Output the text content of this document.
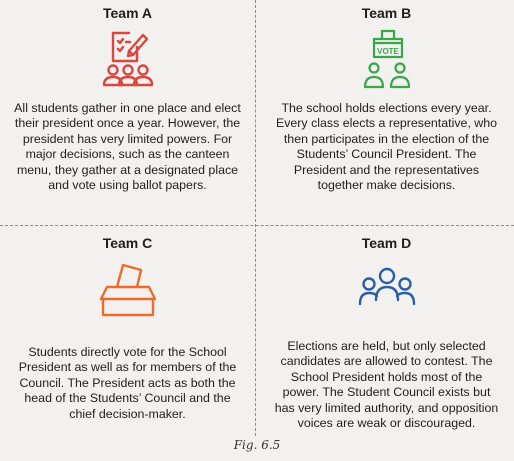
Team A
All students gather in one place and elect their president once a year. However, the president has very limited powers. For major decisions, such as the canteen menu, they gather at a designated place and vote using ballot papers.
Team B
VOTE
The school holds elections every year. Every class elects a representative, who then participates in the election of the Students’ Council President. The President and the representatives together make decisions.
Team C
Students directly vote for the School President as well as for members of the Council. The President acts as both the head of the Students’ Council and the chief decision-maker.
Team D
Elections are held, but only selected candidates are allowed to contest. The School President holds most of the power. The Student Council exists but has very limited authority, and opposition voices are weak or discouraged.
Fig. 6.5
